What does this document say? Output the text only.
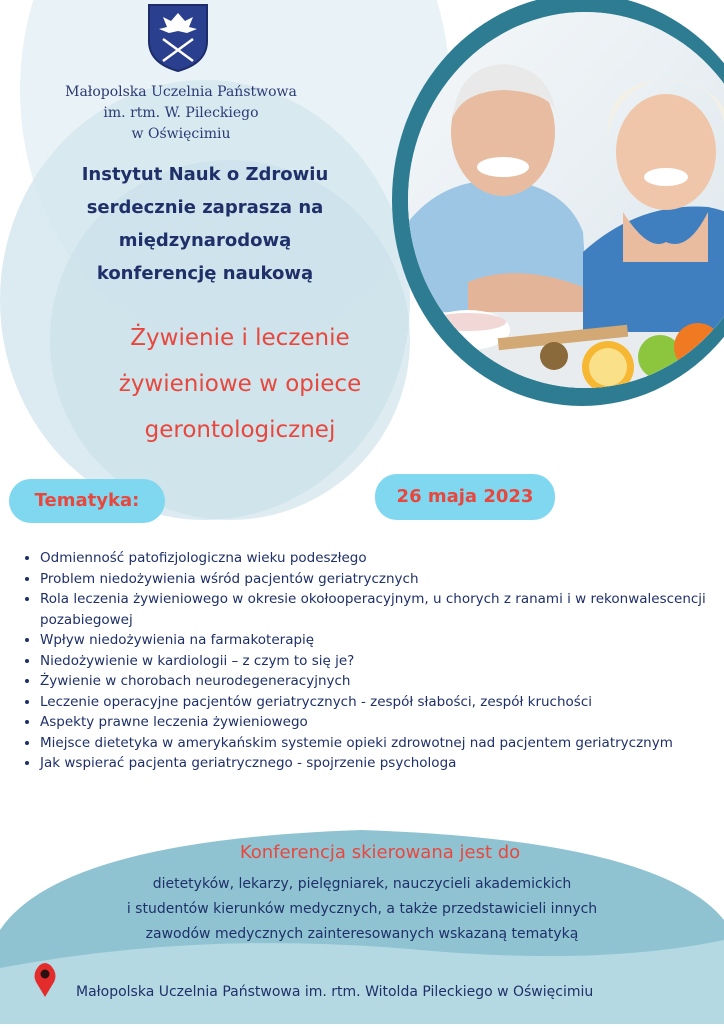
Małopolska Uczelnia Państwowa
im. rtm. W. Pileckiego
w Oświęcimiu
Instytut Nauk o Zdrowiu
serdecznie zaprasza na
międzynarodową
konferencję naukową
Żywienie i leczenie
żywieniowe w opiece
gerontologicznej
Tematyka:	26 maja 2023
• Odmienność patofizjologiczna wieku podeszłego
• Problem niedożywienia wśród pacjentów geriatrycznych
• Rola leczenia żywieniowego w okresie okołooperacyjnym, u chorych z ranami i w rekonwalescencji pozabiegowej
• Wpływ niedożywienia na farmakoterapię
• Niedożywienie w kardiologii – z czym to się je?
• Żywienie w chorobach neurodegeneracyjnych
• Leczenie operacyjne pacjentów geriatrycznych - zespół słabości, zespół kruchości
• Aspekty prawne leczenia żywieniowego
• Miejsce dietetyka w amerykańskim systemie opieki zdrowotnej nad pacjentem geriatrycznym
• Jak wspierać pacjenta geriatrycznego - spojrzenie psychologa
Konferencja skierowana jest do
dietetyków, lekarzy, pielęgniarek, nauczycieli akademickich
i studentów kierunków medycznych, a także przedstawicieli innych
zawodów medycznych zainteresowanych wskazaną tematyką
Małopolska Uczelnia Państwowa im. rtm. Witolda Pileckiego w Oświęcimiu
